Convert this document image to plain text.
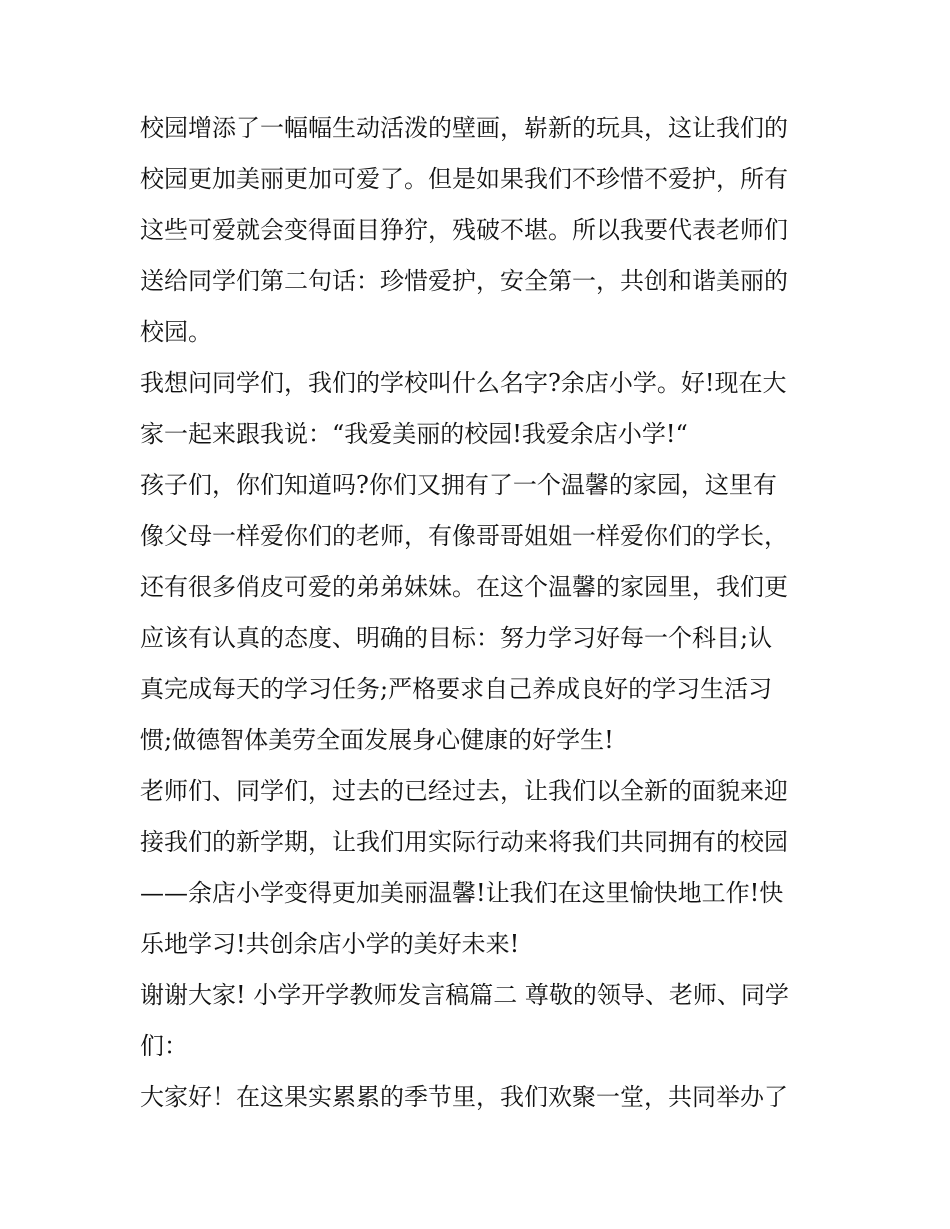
校园增添了一幅幅生动活泼的壁画，崭新的玩具，这让我们的
校园更加美丽更加可爱了。但是如果我们不珍惜不爱护，所有
这些可爱就会变得面目狰狞，残破不堪。所以我要代表老师们
送给同学们第二句话：珍惜爱护，安全第一，共创和谐美丽的
校园。
我想问同学们，我们的学校叫什么名字?余店小学。好!现在大
家一起来跟我说：“我爱美丽的校园!我爱余店小学!“
孩子们，你们知道吗?你们又拥有了一个温馨的家园，这里有
像父母一样爱你们的老师，有像哥哥姐姐一样爱你们的学长，
还有很多俏皮可爱的弟弟妹妹。在这个温馨的家园里，我们更
应该有认真的态度、明确的目标：努力学习好每一个科目;认
真完成每天的学习任务;严格要求自己养成良好的学习生活习
惯;做德智体美劳全面发展身心健康的好学生!
老师们、同学们，过去的已经过去，让我们以全新的面貌来迎
接我们的新学期，让我们用实际行动来将我们共同拥有的校园
——余店小学变得更加美丽温馨!让我们在这里愉快地工作!快
乐地学习!共创余店小学的美好未来!
谢谢大家! 小学开学教师发言稿篇二 尊敬的领导、老师、同学
们：
大家好！在这果实累累的季节里，我们欢聚一堂，共同举办了
